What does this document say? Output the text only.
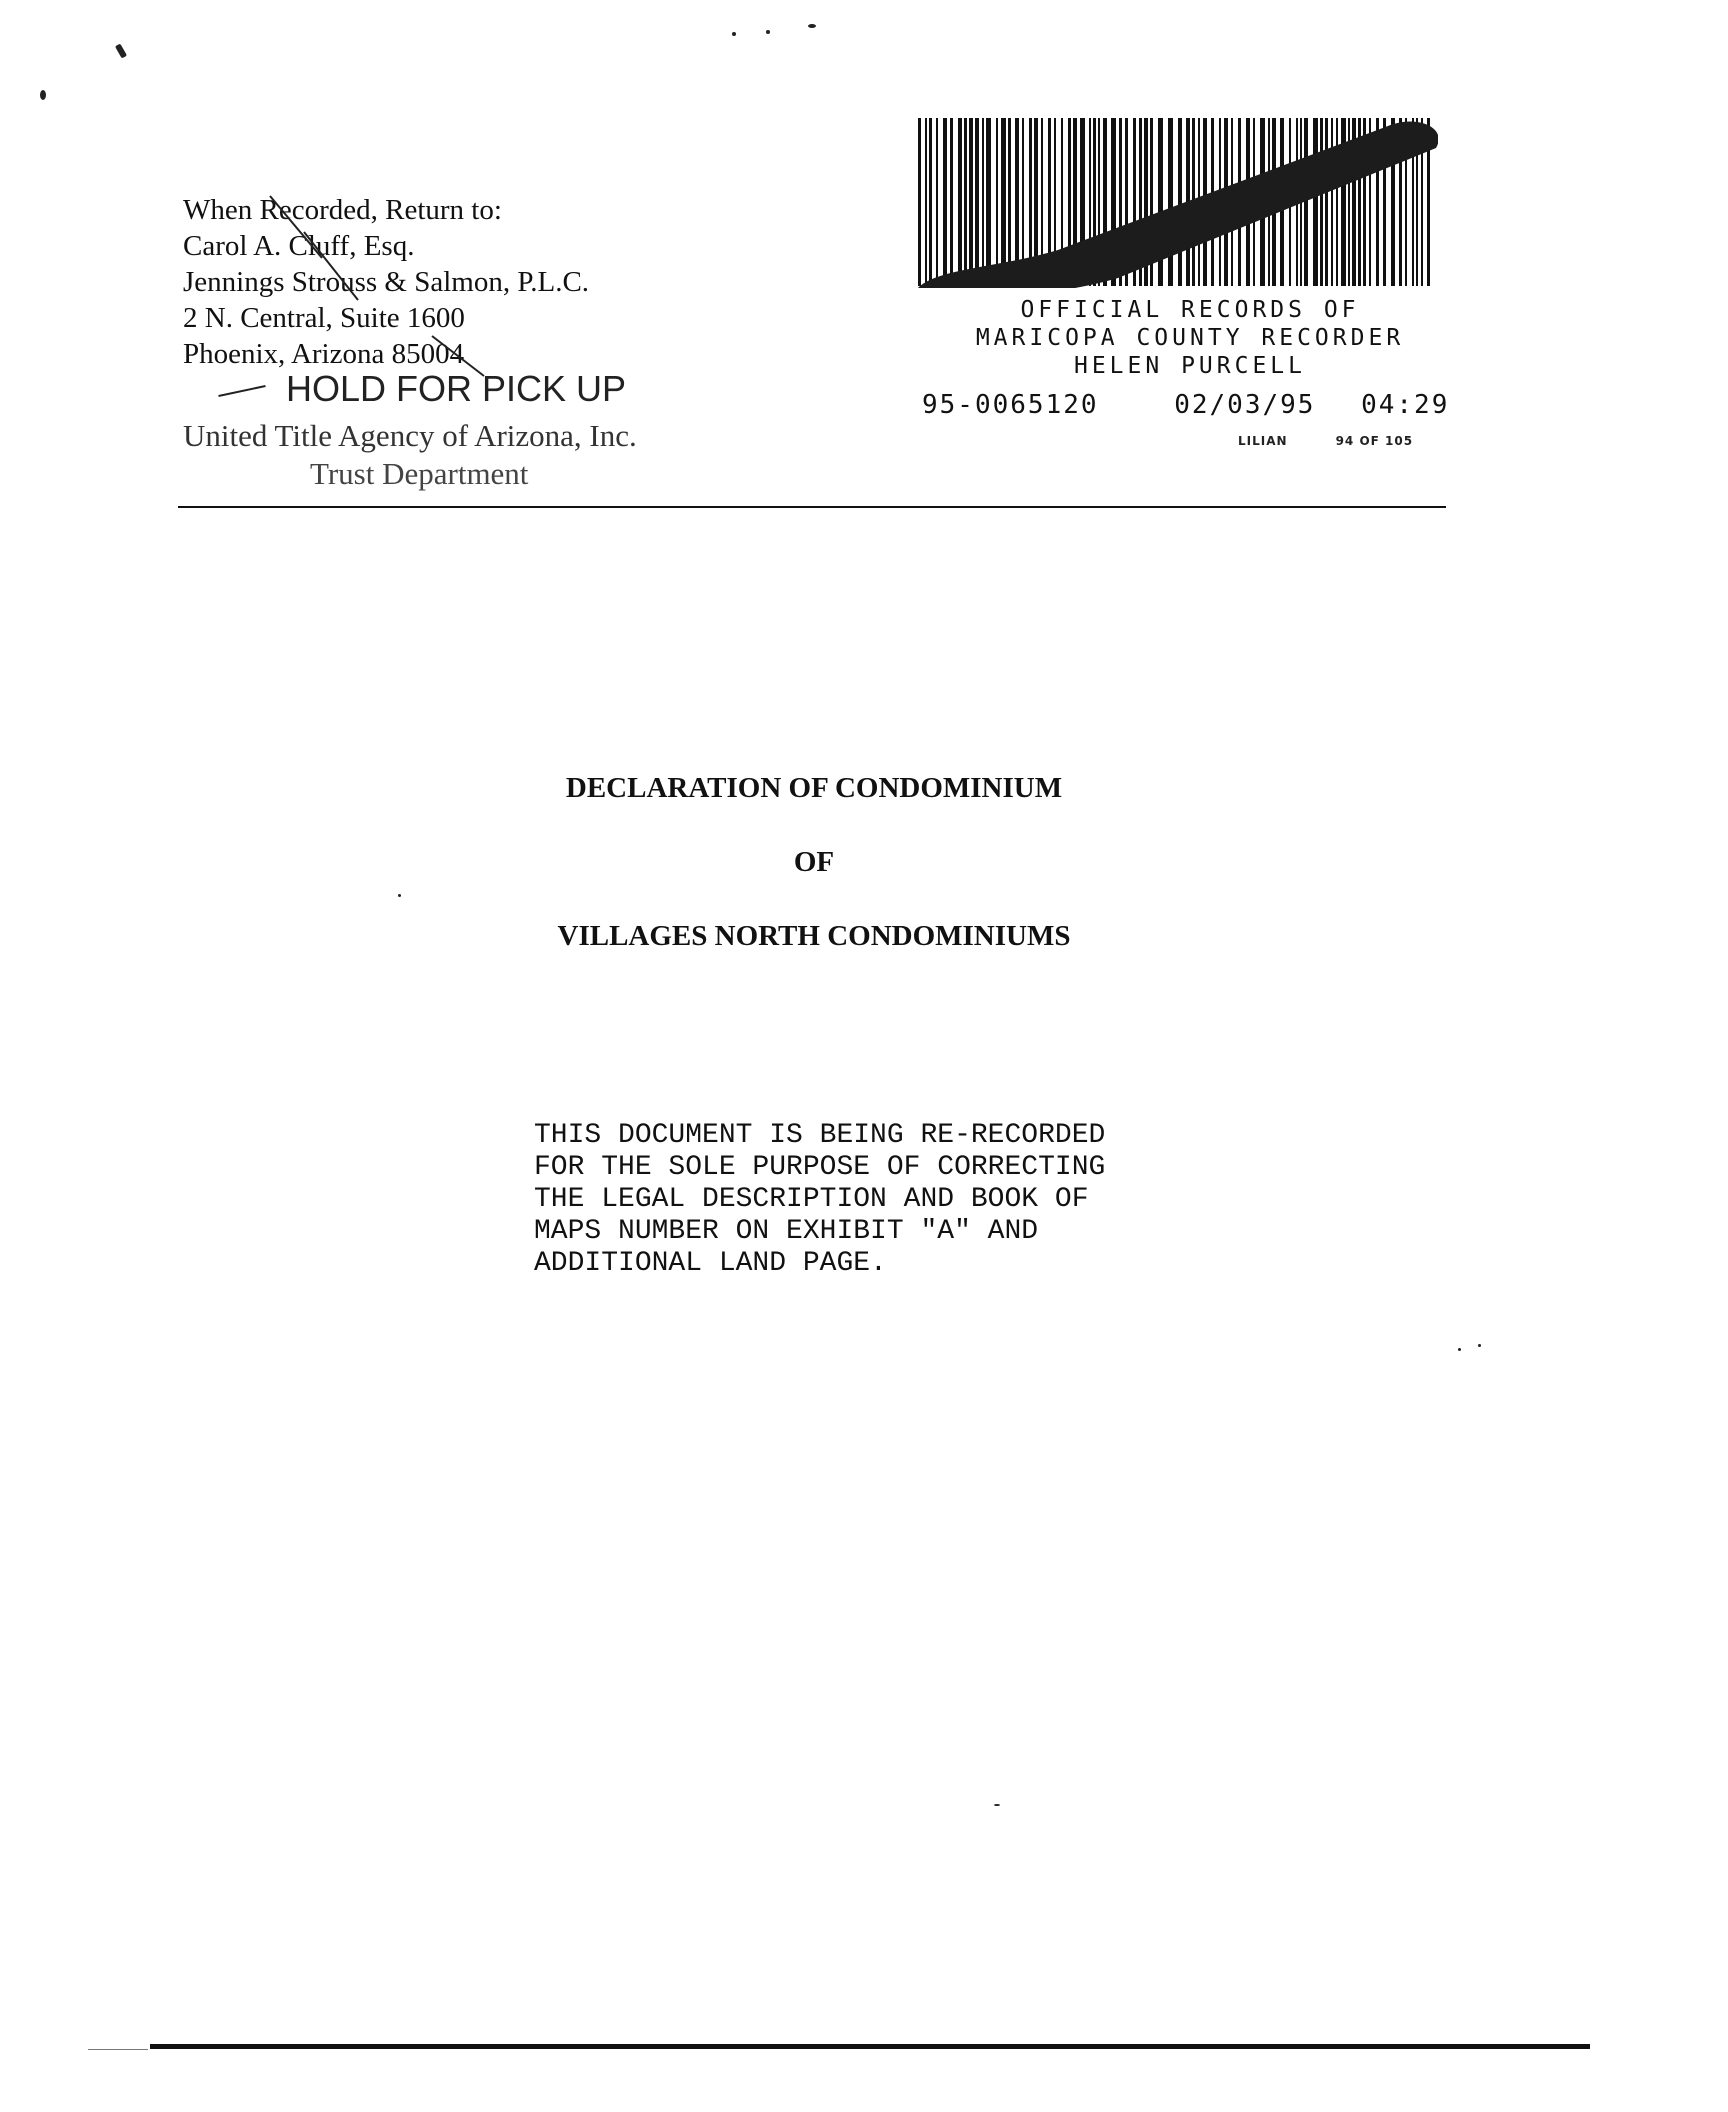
When Recorded, Return to:
Carol A. Cluff, Esq.
Jennings Strouss & Salmon, P.L.C.
2 N. Central, Suite 1600
Phoenix, Arizona 85004
HOLD FOR PICK UP
United Title Agency of Arizona, Inc.
Trust Department
OFFICIAL RECORDS OF
MARICOPA COUNTY RECORDER
HELEN PURCELL
95-0065120	02/03/95 04:29
LILIAN	94 OF 105
DECLARATION OF CONDOMINIUM
OF
VILLAGES NORTH CONDOMINIUMS
THIS DOCUMENT IS BEING RE-RECORDED
FOR THE SOLE PURPOSE OF CORRECTING
THE LEGAL DESCRIPTION AND BOOK OF
MAPS NUMBER ON EXHIBIT "A" AND
ADDITIONAL LAND PAGE.
